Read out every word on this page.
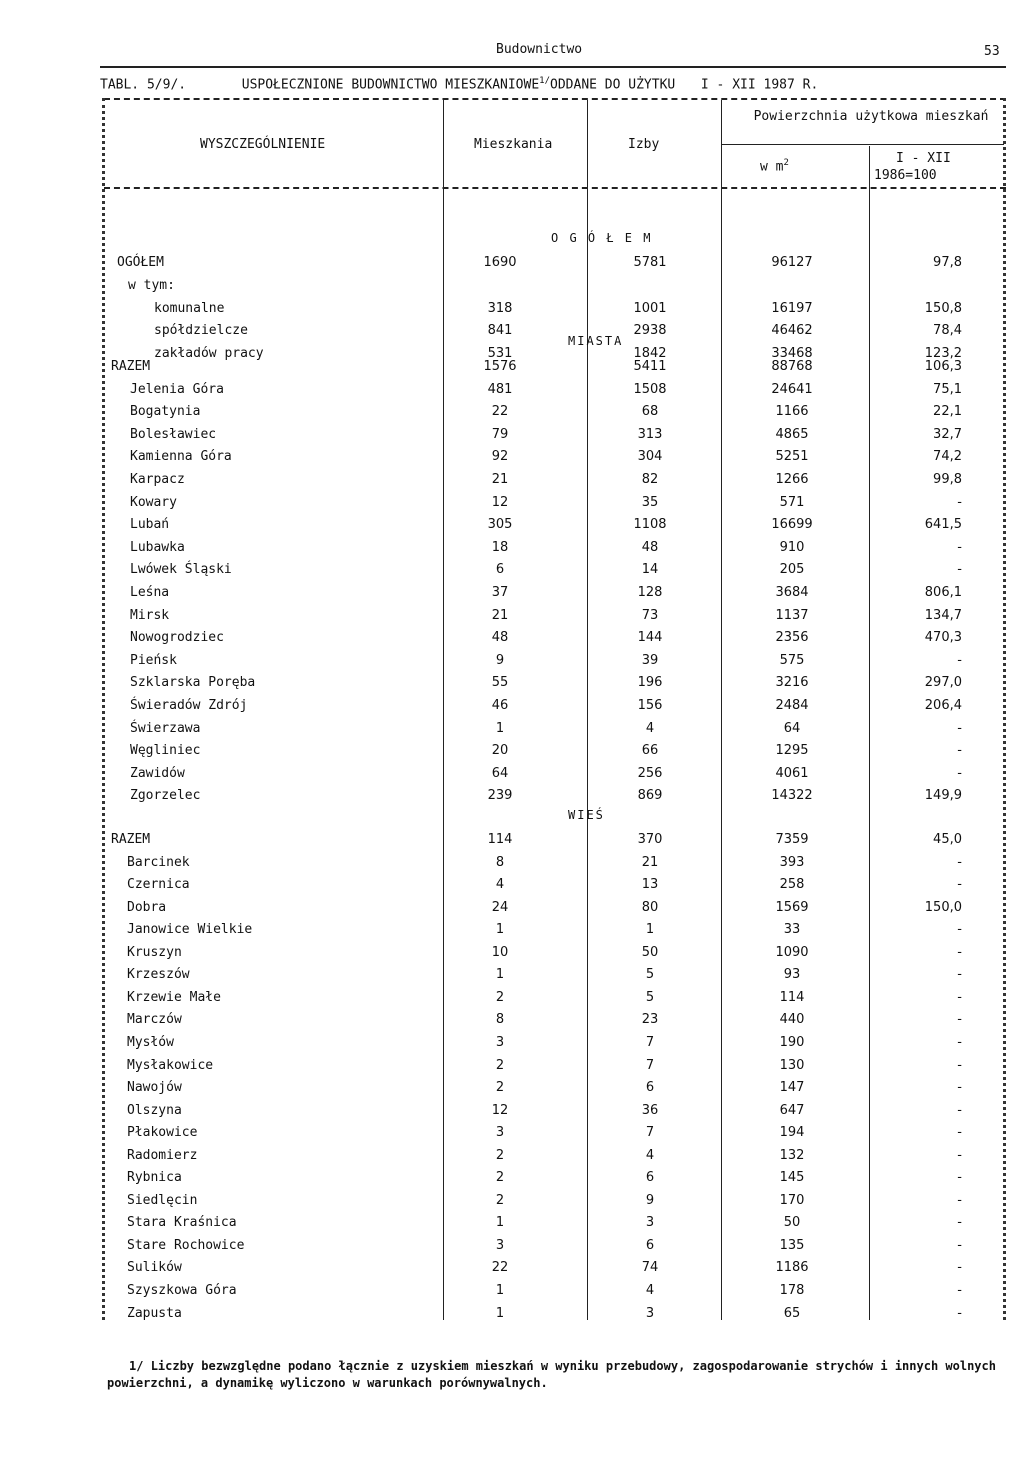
Budownictwo	53
TABL. 5/9/.	USPOŁECZNIONE BUDOWNICTWO $MIESZKANIOWE^{1/}ODDANE$ DO UŻYTKU I - XII 1987 R.
WYSZCZEGÓLNIENIE	Mieszkania	Izby
Powierzchnia użytkowa mieszkań
w $m^2$	I - XII
1986=100
O G Ó Ł E M
MIASTA
WIEŚ
OGÓŁEM	1690	5781	96127	97,8
w tym:
komunalne	318	1001	16197	150,8
spółdzielcze	841	2938	46462	78,4
zakładów pracy	531	1842	33468	123,2
RAZEM	1576	5411	88768	106,3
Jelenia Góra	481	1508	24641	75,1
Bogatynia	22	68	1166	22,1
Bolesławiec	79	313	4865	32,7
Kamienna Góra	92	304	5251	74,2
Karpacz	21	82	1266	99,8
Kowary	12	35	571	-
Lubań	305	1108	16699	641,5
Lubawka	18	48	910	-
Lwówek Śląski	6	14	205	-
Leśna	37	128	3684	806,1
Mirsk	21	73	1137	134,7
Nowogrodziec	48	144	2356	470,3
Pieńsk	9	39	575	-
Szklarska Poręba	55	196	3216	297,0
Świeradów Zdrój	46	156	2484	206,4
Świerzawa	1	4	64	-
Węgliniec	20	66	1295	-
Zawidów	64	256	4061	-
Zgorzelec	239	869	14322	149,9
RAZEM	114	370	7359	45,0
Barcinek	8	21	393	-
Czernica	4	13	258	-
Dobra	24	80	1569	150,0
Janowice Wielkie	1	1	33	-
Kruszyn	10	50	1090	-
Krzeszów	1	5	93	-
Krzewie Małe	2	5	114	-
Marczów	8	23	440	-
Mysłów	3	7	190	-
Mysłakowice	2	7	130	-
Nawojów	2	6	147	-
Olszyna	12	36	647	-
Płakowice	3	7	194	-
Radomierz	2	4	132	-
Rybnica	2	6	145	-
Siedlęcin	2	9	170	-
Stara Kraśnica	1	3	50	-
Stare Rochowice	3	6	135	-
Sulików	22	74	1186	-
Szyszkowa Góra	1	4	178	-
Zapusta	1	3	65	-
1/ Liczby bezwzględne podano łącznie z uzyskiem mieszkań w wyniku przebudowy, zagospodarowanie strychów i innych wolnych powierzchni, a dynamikę wyliczono w warunkach porównywalnych.
